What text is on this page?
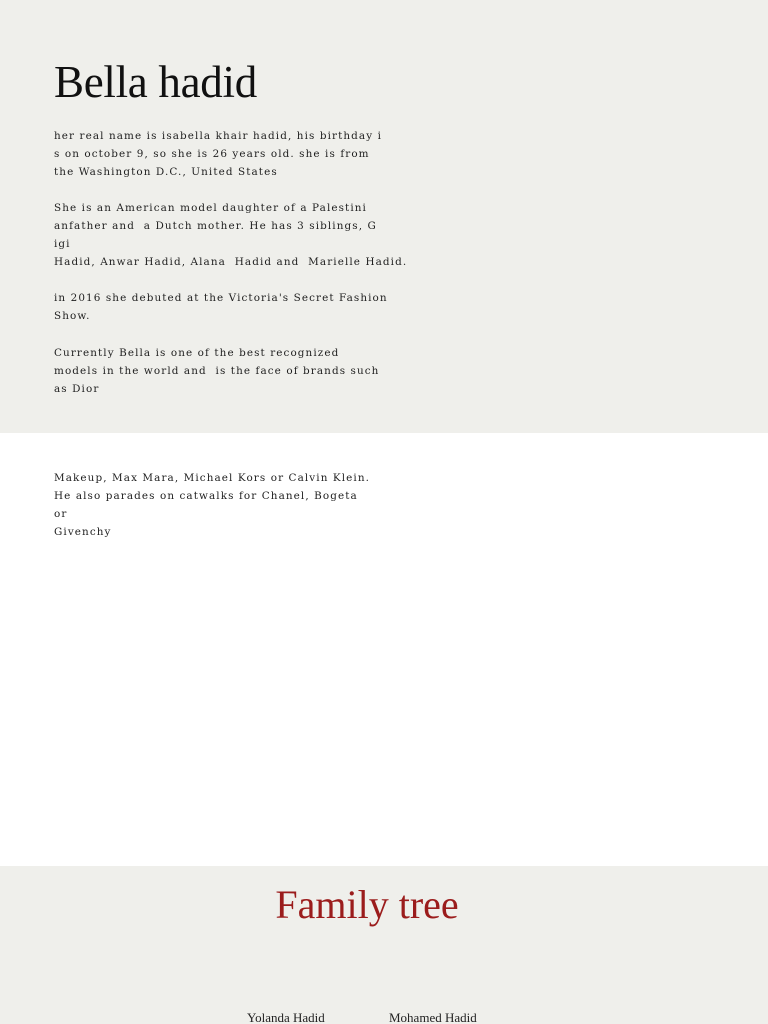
Bella hadid
her real name is isabella khair hadid, his birthday i
s on october 9, so she is 26 years old. she is from
the Washington D.C., United States
She is an American model daughter of a Palestini
anfather and  a Dutch mother. He has 3 siblings, G
igi
Hadid, Anwar Hadid, Alana  Hadid and  Marielle Hadid.
in 2016 she debuted at the Victoria's Secret Fashion
Show.
Currently Bella is one of the best recognized
models in the world and  is the face of brands such
as Dior
Makeup, Max Mara, Michael Kors or Calvin Klein.
He also parades on catwalks for Chanel, Bogeta
or
Givenchy
Family tree
Yolanda Hadid	Mohamed Hadid
